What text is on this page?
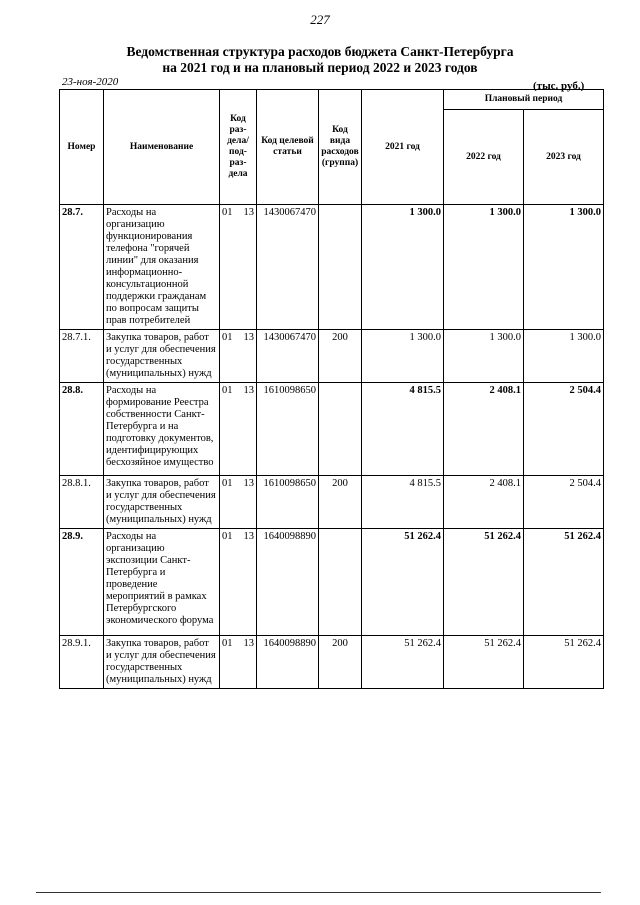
227
Ведомственная структура расходов бюджета Санкт-Петербурга
на 2021 год и на плановый период 2022 и 2023 годов
23-ноя-2020	(тыс. руб.)
Номер	Наименование	Код раз- дела/ под- раз- дела	Код целевой статьи	Код вида расходов (группа)	2021 год	Плановый период	
						2022 год	2023 год
28.7.	Расходы на организацию функционирования телефона "горячей линии" для оказания информационно-консультационной поддержки гражданам по вопросам защиты прав потребителей	01 13	1430067470		1 300.0	1 300.0	1 300.0
28.7.1.	Закупка товаров, работ и услуг для обеспечения государственных (муниципальных) нужд	01 13	1430067470	200	1 300.0	1 300.0	1 300.0
28.8.	Расходы на формирование Реестра собственности Санкт-Петербурга и на подготовку документов, идентифицирующих бесхозяйное имущество	01 13	1610098650		4 815.5	2 408.1	2 504.4
28.8.1.	Закупка товаров, работ и услуг для обеспечения государственных (муниципальных) нужд	01 13	1610098650	200	4 815.5	2 408.1	2 504.4
28.9.	Расходы на организацию экспозиции Санкт-Петербурга и проведение мероприятий в рамках Петербургского экономического форума	01 13	1640098890		51 262.4	51 262.4	51 262.4
28.9.1.	Закупка товаров, работ и услуг для обеспечения государственных (муниципальных) нужд	01 13	1640098890	200	51 262.4	51 262.4	51 262.4
